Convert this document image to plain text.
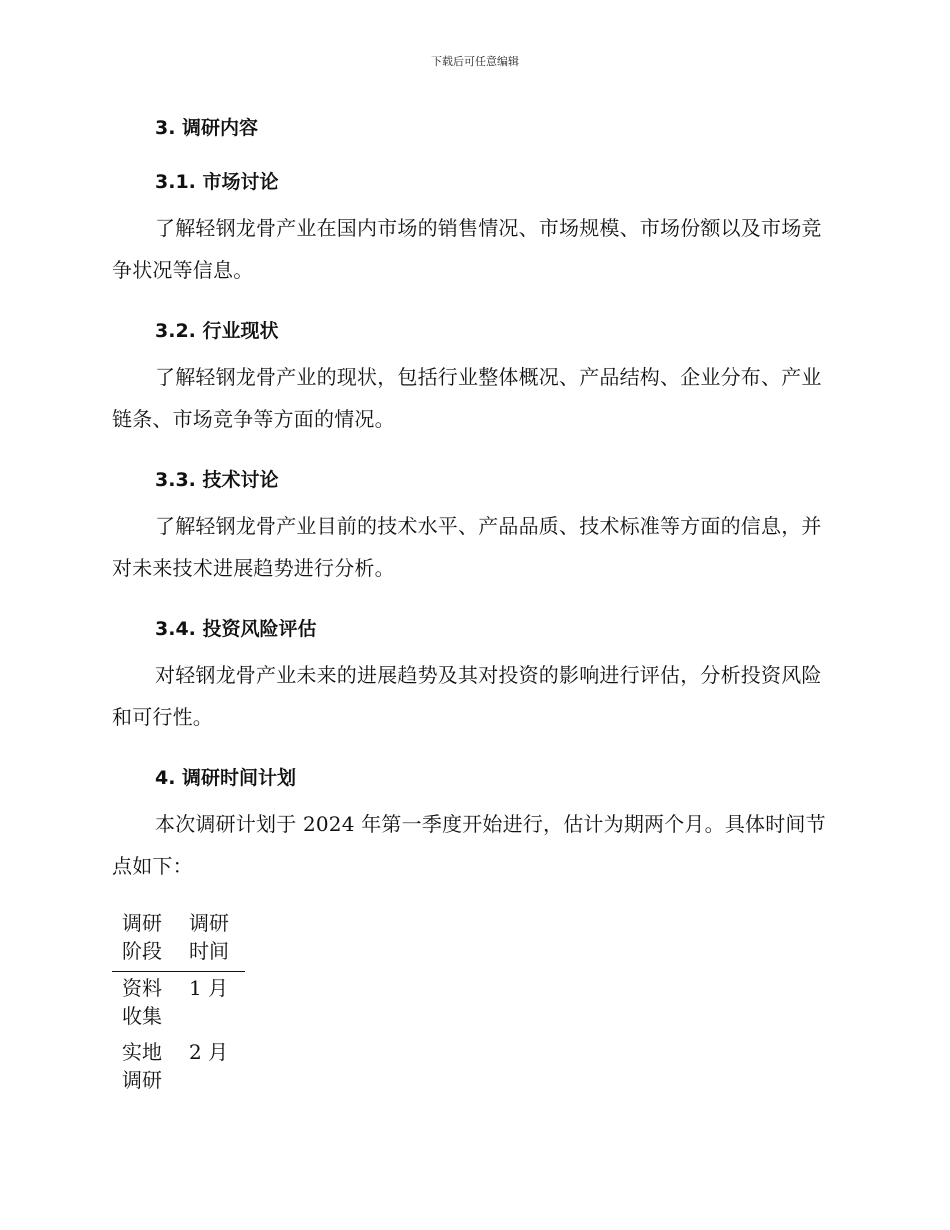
下载后可任意编辑
3. 调研内容
3.1. 市场讨论

了解轻钢龙骨产业在国内市场的销售情况、市场规模、市场份额以及市场竞争状况等信息。

3.2. 行业现状

了解轻钢龙骨产业的现状，包括行业整体概况、产品结构、企业分布、产业链条、市场竞争等方面的情况。

3.3. 技术讨论

了解轻钢龙骨产业目前的技术水平、产品品质、技术标准等方面的信息，并对未来技术进展趋势进行分析。

3.4. 投资风险评估

对轻钢龙骨产业未来的进展趋势及其对投资的影响进行评估，分析投资风险和可行性。

4. 调研时间计划

本次调研计划于 2024 年第一季度开始进行，估计为期两个月。具体时间节点如下：

调研阶段	调研时间
资料收集	1 月
实地调研	2 月
